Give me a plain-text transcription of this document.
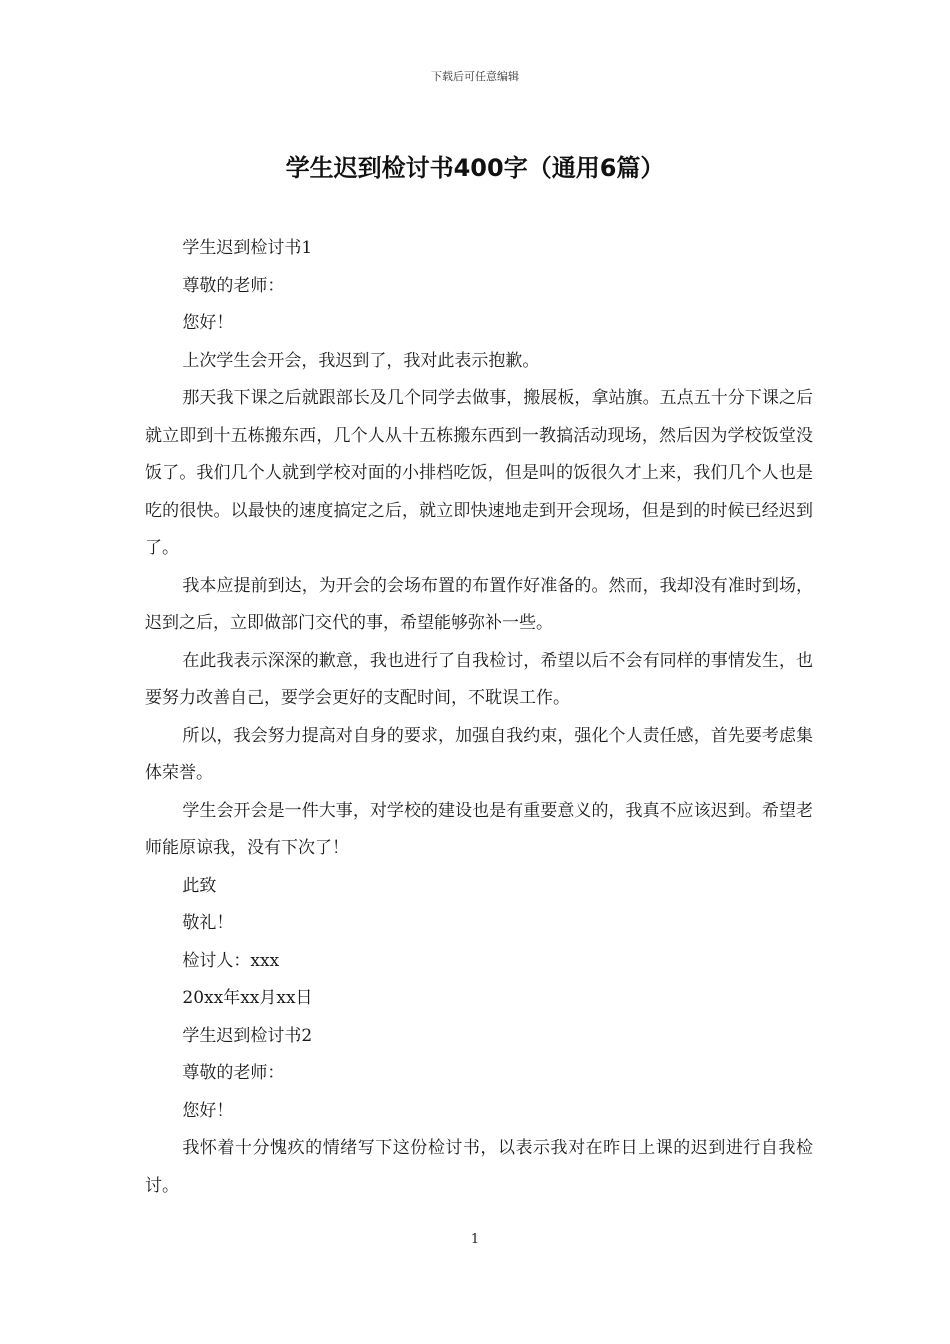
下载后可任意编辑
学生迟到检讨书400字（通用6篇）

学生迟到检讨书1

尊敬的老师：

您好！

上次学生会开会，我迟到了，我对此表示抱歉。

那天我下课之后就跟部长及几个同学去做事，搬展板，拿站旗。五点五十分下课之后就立即到十五栋搬东西，几个人从十五栋搬东西到一教搞活动现场，然后因为学校饭堂没饭了。我们几个人就到学校对面的小排档吃饭，但是叫的饭很久才上来，我们几个人也是吃的很快。以最快的速度搞定之后，就立即快速地走到开会现场，但是到的时候已经迟到了。

我本应提前到达，为开会的会场布置的布置作好准备的。然而，我却没有准时到场，迟到之后，立即做部门交代的事，希望能够弥补一些。

在此我表示深深的歉意，我也进行了自我检讨，希望以后不会有同样的事情发生，也要努力改善自己，要学会更好的支配时间，不耽误工作。

所以，我会努力提高对自身的要求，加强自我约束，强化个人责任感，首先要考虑集体荣誉。

学生会开会是一件大事，对学校的建设也是有重要意义的，我真不应该迟到。希望老师能原谅我，没有下次了！

此致

敬礼！

检讨人：xxx

20xx年xx月xx日

学生迟到检讨书2

尊敬的老师：

您好！

我怀着十分愧疚的情绪写下这份检讨书，以表示我对在昨日上课的迟到进行自我检讨。

1
